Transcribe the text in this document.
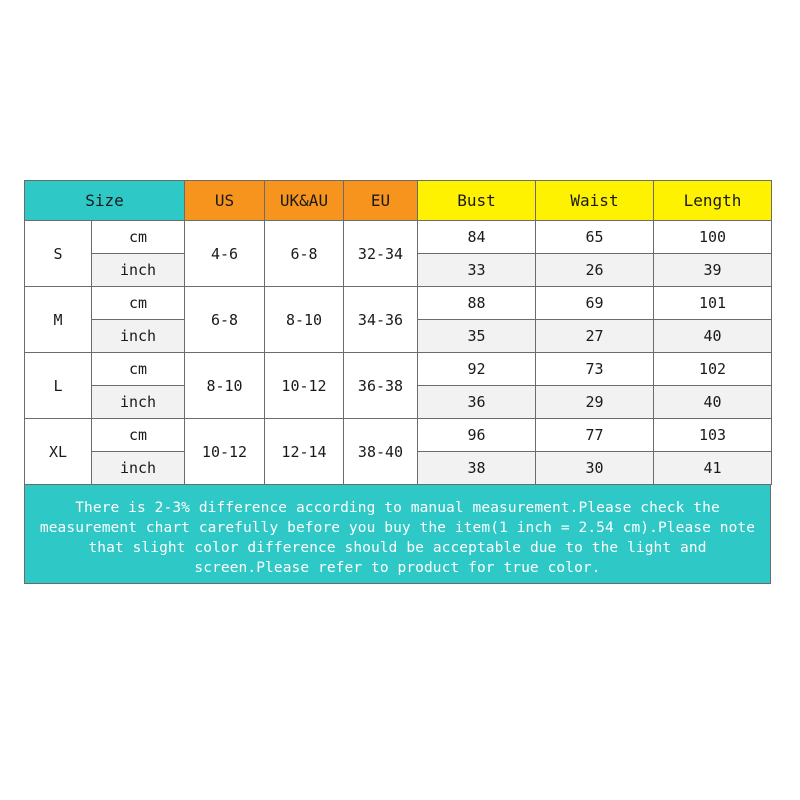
Size		US	UK&AU	EU	Bust	Waist	Length
S	cm	4-6	6-8	32-34	84	65	100
	inch				33	26	39
M	cm	6-8	8-10	34-36	88	69	101
	inch				35	27	40
L	cm	8-10	10-12	36-38	92	73	102
	inch				36	29	40
XL	cm	10-12	12-14	38-40	96	77	103
	inch				38	30	41
There is 2-3% difference according to manual measurement.Please check the measurement chart carefully before you buy the item(1 inch = 2.54 cm).Please note that slight color difference should be acceptable due to the light and screen.Please refer to product for true color.
